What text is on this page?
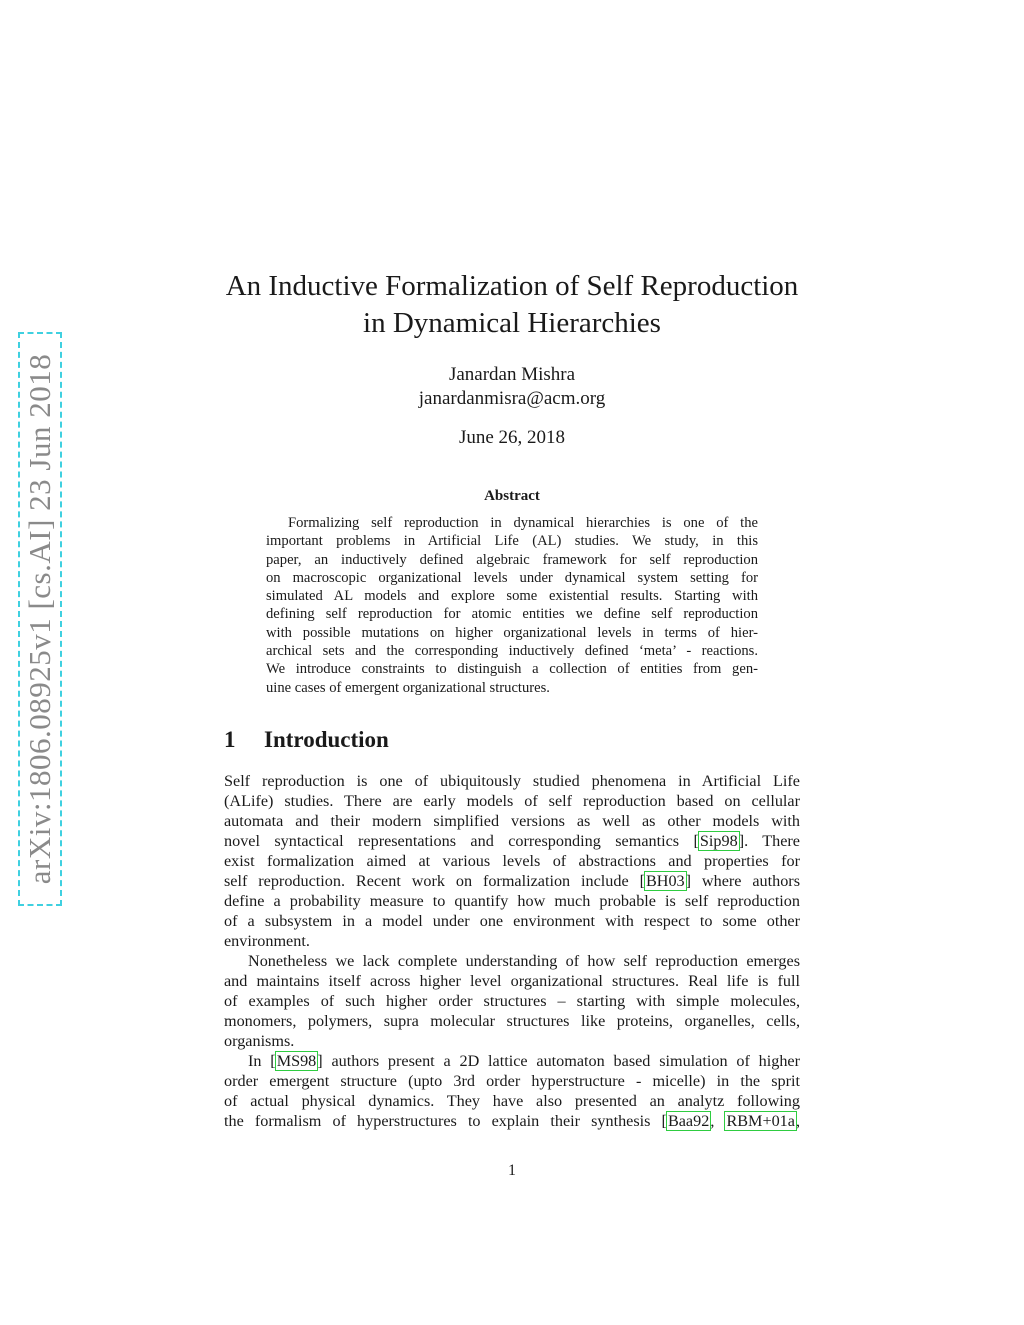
arXiv:1806.08925v1 [cs.AI] 23 Jun 2018
An Inductive Formalization of Self Reproduction
in Dynamical Hierarchies
Janardan Mishra
janardanmisra@acm.org
June 26, 2018
Abstract
Formalizing self reproduction in dynamical hierarchies is one of the
important problems in Artificial Life (AL) studies. We study, in this
paper, an inductively defined algebraic framework for self reproduction
on macroscopic organizational levels under dynamical system setting for
simulated AL models and explore some existential results. Starting with
defining self reproduction for atomic entities we define self reproduction
with possible mutations on higher organizational levels in terms of hier-
archical sets and the corresponding inductively defined ‘meta’ - reactions.
We introduce constraints to distinguish a collection of entities from gen-
uine cases of emergent organizational structures.
1 Introduction
Self reproduction is one of ubiquitously studied phenomena in Artificial Life
(ALife) studies. There are early models of self reproduction based on cellular
automata and their modern simplified versions as well as other models with
novel syntactical representations and corresponding semantics [Sip98]. There
exist formalization aimed at various levels of abstractions and properties for
self reproduction. Recent work on formalization include [BH03] where authors
define a probability measure to quantify how much probable is self reproduction
of a subsystem in a model under one environment with respect to some other
environment.
Nonetheless we lack complete understanding of how self reproduction emerges
and maintains itself across higher level organizational structures. Real life is full
of examples of such higher order structures – starting with simple molecules,
monomers, polymers, supra molecular structures like proteins, organelles, cells,
organisms.
In [MS98] authors present a 2D lattice automaton based simulation of higher
order emergent structure (upto 3rd order hyperstructure - micelle) in the sprit
of actual physical dynamics. They have also presented an analytz following
the formalism of hyperstructures to explain their synthesis [Baa92, RBM+01a,
1
